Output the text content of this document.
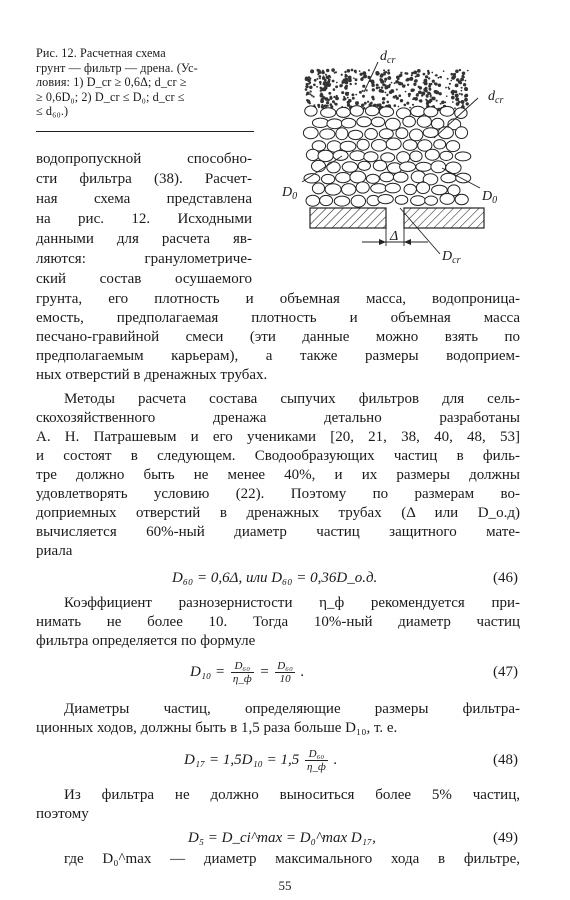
Рис. 12. Расчетная схема
грунт — фильтр — дрена. (Ус-
ловия: 1) D_cr ≥ 0,6Δ; d_cr ≥
≥ 0,6D₀; 2) D_cr ≤ D₀; d_cr ≤
≤ d₆₀.)
$d_{cr}$
$d_{cr}$
$D_0$	$D_0$
Δ
$D_{cr}$
водопропускной способно-
сти фильтра (38). Расчет-
ная схема представлена
на рис. 12. Исходными
данными для расчета яв-
ляются: гранулометриче-
ский состав осушаемого
грунта, его плотность и объемная масса, водопроница-
емость, предполагаемая плотность и объемная масса
песчано-гравийной смеси (эти данные можно взять по
предполагаемым карьерам), а также размеры водоприем-
ных отверстий в дренажных трубах.
Методы расчета состава сыпучих фильтров для сель-
скохозяйственного дренажа детально разработаны
А. Н. Патрашевым и его учениками [20, 21, 38, 40, 48, 53]
и состоят в следующем. Сводообразующих частиц в филь-
тре должно быть не менее 40%, и их размеры должны
удовлетворять условию (22). Поэтому по размерам во-
доприемных отверстий в дренажных трубах (Δ или D_о.д)
вычисляется 60%-ный диаметр частиц защитного мате-
риала
D₆₀ = 0,6Δ, или D₆₀ = 0,36D_о.д.	(46)
Коэффициент разнозернистости η_ф рекомендуется при-
нимать не более 10. Тогда 10%-ный диаметр частиц
фильтра определяется по формуле
$D_{10} = \frac{\text{D₆₀}}{\eta\_ф} = \frac{\text{D₆₀}}{10}$ .	(47)
Диаметры частиц, определяющие размеры фильтра-
ционных ходов, должны быть в 1,5 раза больше D₁₀, т. е.
$D_{17} = 1,5D_{10} = 1,5 \frac{\text{D₆₀}}{\eta\_ф}$ .	(48)
Из фильтра не должно выноситься более 5% частиц,
поэтому
D₅ = D_ci^max = D₀^max D₁₇,	(49)
где D₀^max — диаметр максимального хода в фильтре,
55
